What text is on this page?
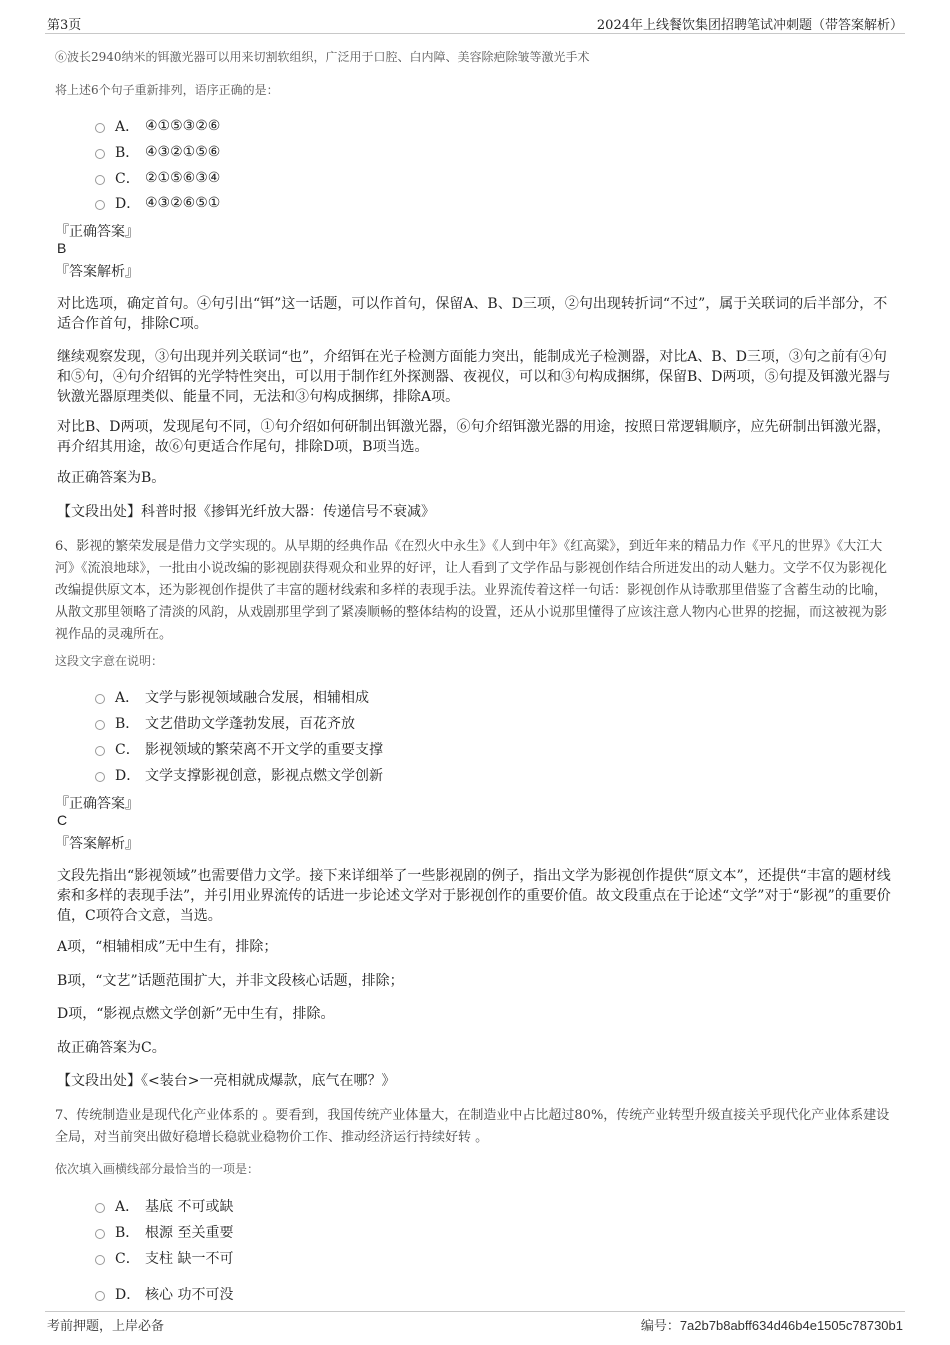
第3页	2024年上线餐饮集团招聘笔试冲刺题（带答案解析）
⑥波长2940纳米的铒激光器可以用来切割软组织，广泛用于口腔、白内障、美容除疤除皱等激光手术
将上述6个句子重新排列，语序正确的是：
A． ④①⑤③②⑥
B． ④③②①⑤⑥
C． ②①⑤⑥③④
D． ④③②⑥⑤①
『正确答案』
B
『答案解析』
对比选项，确定首句。④句引出“铒”这一话题，可以作首句，保留A、B、D三项，②句出现转折词“不过”，属于关联词的后半部分，不适合作首句，排除C项。
继续观察发现，③句出现并列关联词“也”，介绍铒在光子检测方面能力突出，能制成光子检测器，对比A、B、D三项，③句之前有④句和⑤句，④句介绍铒的光学特性突出，可以用于制作红外探测器、夜视仪，可以和③句构成捆绑，保留B、D两项，⑤句提及铒激光器与钬激光器原理类似、能量不同，无法和③句构成捆绑，排除A项。
对比B、D两项，发现尾句不同，①句介绍如何研制出铒激光器，⑥句介绍铒激光器的用途，按照日常逻辑顺序，应先研制出铒激光器，再介绍其用途，故⑥句更适合作尾句，排除D项，B项当选。
故正确答案为B。
【文段出处】科普时报《掺铒光纤放大器：传递信号不衰减》
6、影视的繁荣发展是借力文学实现的。从早期的经典作品《在烈火中永生》《人到中年》《红高粱》，到近年来的精品力作《平凡的世界》《大江大河》《流浪地球》，一批由小说改编的影视剧获得观众和业界的好评，让人看到了文学作品与影视创作结合所迸发出的动人魅力。文学不仅为影视化改编提供原文本，还为影视创作提供了丰富的题材线索和多样的表现手法。业界流传着这样一句话：影视创作从诗歌那里借鉴了含蓄生动的比喻，从散文那里领略了清淡的风韵，从戏剧那里学到了紧凑顺畅的整体结构的设置，还从小说那里懂得了应该注意人物内心世界的挖掘，而这被视为影视作品的灵魂所在。
这段文字意在说明：
A． 文学与影视领域融合发展，相辅相成
B． 文艺借助文学蓬勃发展，百花齐放
C． 影视领域的繁荣离不开文学的重要支撑
D． 文学支撑影视创意，影视点燃文学创新
『正确答案』
C
『答案解析』
文段先指出“影视领域”也需要借力文学。接下来详细举了一些影视剧的例子，指出文学为影视创作提供“原文本”，还提供“丰富的题材线索和多样的表现手法”，并引用业界流传的话进一步论述文学对于影视创作的重要价值。故文段重点在于论述“文学”对于“影视”的重要价值，C项符合文意，当选。
A项，“相辅相成”无中生有，排除；
B项，“文艺”话题范围扩大，并非文段核心话题，排除；
D项，“影视点燃文学创新”无中生有，排除。
故正确答案为C。
【文段出处】《<装台>一亮相就成爆款，底气在哪？》
7、传统制造业是现代化产业体系的 。要看到，我国传统产业体量大，在制造业中占比超过80%，传统产业转型升级直接关乎现代化产业体系建设全局，对当前突出做好稳增长稳就业稳物价工作、推动经济运行持续好转 。
依次填入画横线部分最恰当的一项是：
A． 基底 不可或缺
B． 根源 至关重要
C． 支柱 缺一不可
D． 核心 功不可没
考前押题，上岸必备	编号：7a2b7b8abff634d46b4e1505c78730b1
